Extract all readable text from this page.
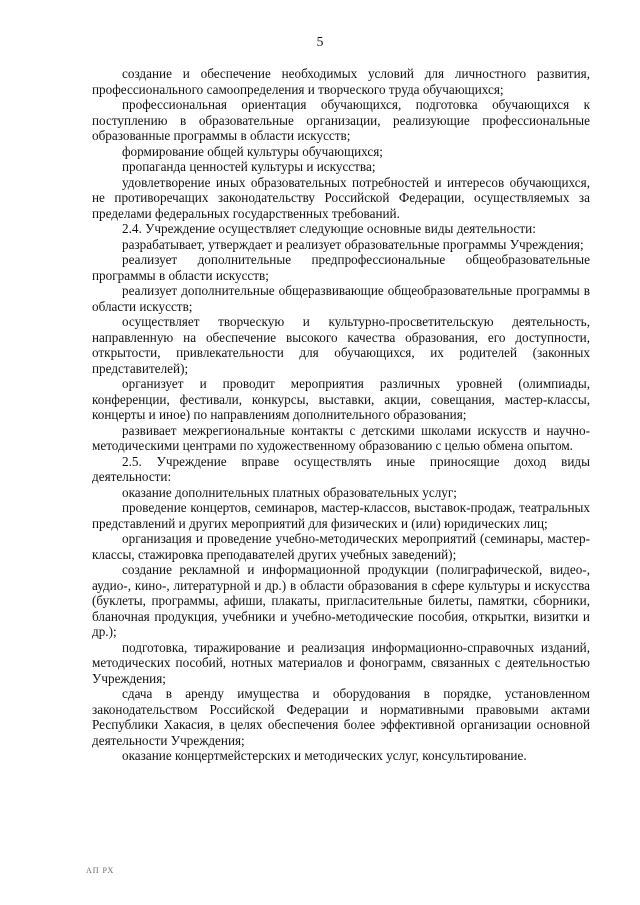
5

создание и обеспечение необходимых условий для личностного развития, профессионального самоопределения и творческого труда обучающихся;

профессиональная ориентация обучающихся, подготовка обучающихся к поступлению в образовательные организации, реализующие профессиональные образованные программы в области искусств;

формирование общей культуры обучающихся;

пропаганда ценностей культуры и искусства;

удовлетворение иных образовательных потребностей и интересов обучающихся, не противоречащих законодательству Российской Федерации, осуществляемых за пределами федеральных государственных требований.

2.4. Учреждение осуществляет следующие основные виды деятельности:

разрабатывает, утверждает и реализует образовательные программы Учреждения;

реализует дополнительные предпрофессиональные общеобразовательные программы в области искусств;

реализует дополнительные общеразвивающие общеобразовательные программы в области искусств;

осуществляет творческую и культурно-просветительскую деятельность, направленную на обеспечение высокого качества образования, его доступности, открытости, привлекательности для обучающихся, их родителей (законных представителей);

организует и проводит мероприятия различных уровней (олимпиады, конференции, фестивали, конкурсы, выставки, акции, совещания, мастер-классы, концерты и иное) по направлениям дополнительного образования;

развивает межрегиональные контакты с детскими школами искусств и научно-методическими центрами по художественному образованию с целью обмена опытом.

2.5. Учреждение вправе осуществлять иные приносящие доход виды деятельности:

оказание дополнительных платных образовательных услуг;

проведение концертов, семинаров, мастер-классов, выставок-продаж, театральных представлений и других мероприятий для физических и (или) юридических лиц;

организация и проведение учебно-методических мероприятий (семинары, мастер-классы, стажировка преподавателей других учебных заведений);

создание рекламной и информационной продукции (полиграфической, видео-, аудио-, кино-, литературной и др.) в области образования в сфере культуры и искусства (буклеты, программы, афиши, плакаты, пригласительные билеты, памятки, сборники, бланочная продукция, учебники и учебно-методические пособия, открытки, визитки и др.);

подготовка, тиражирование и реализация информационно-справочных изданий, методических пособий, нотных материалов и фонограмм, связанных с деятельностью Учреждения;

сдача в аренду имущества и оборудования в порядке, установленном законодательством Российской Федерации и нормативными правовыми актами Республики Хакасия, в целях обеспечения более эффективной организации основной деятельности Учреждения;

оказание концертмейстерских и методических услуг, консультирование.

АП РХ
